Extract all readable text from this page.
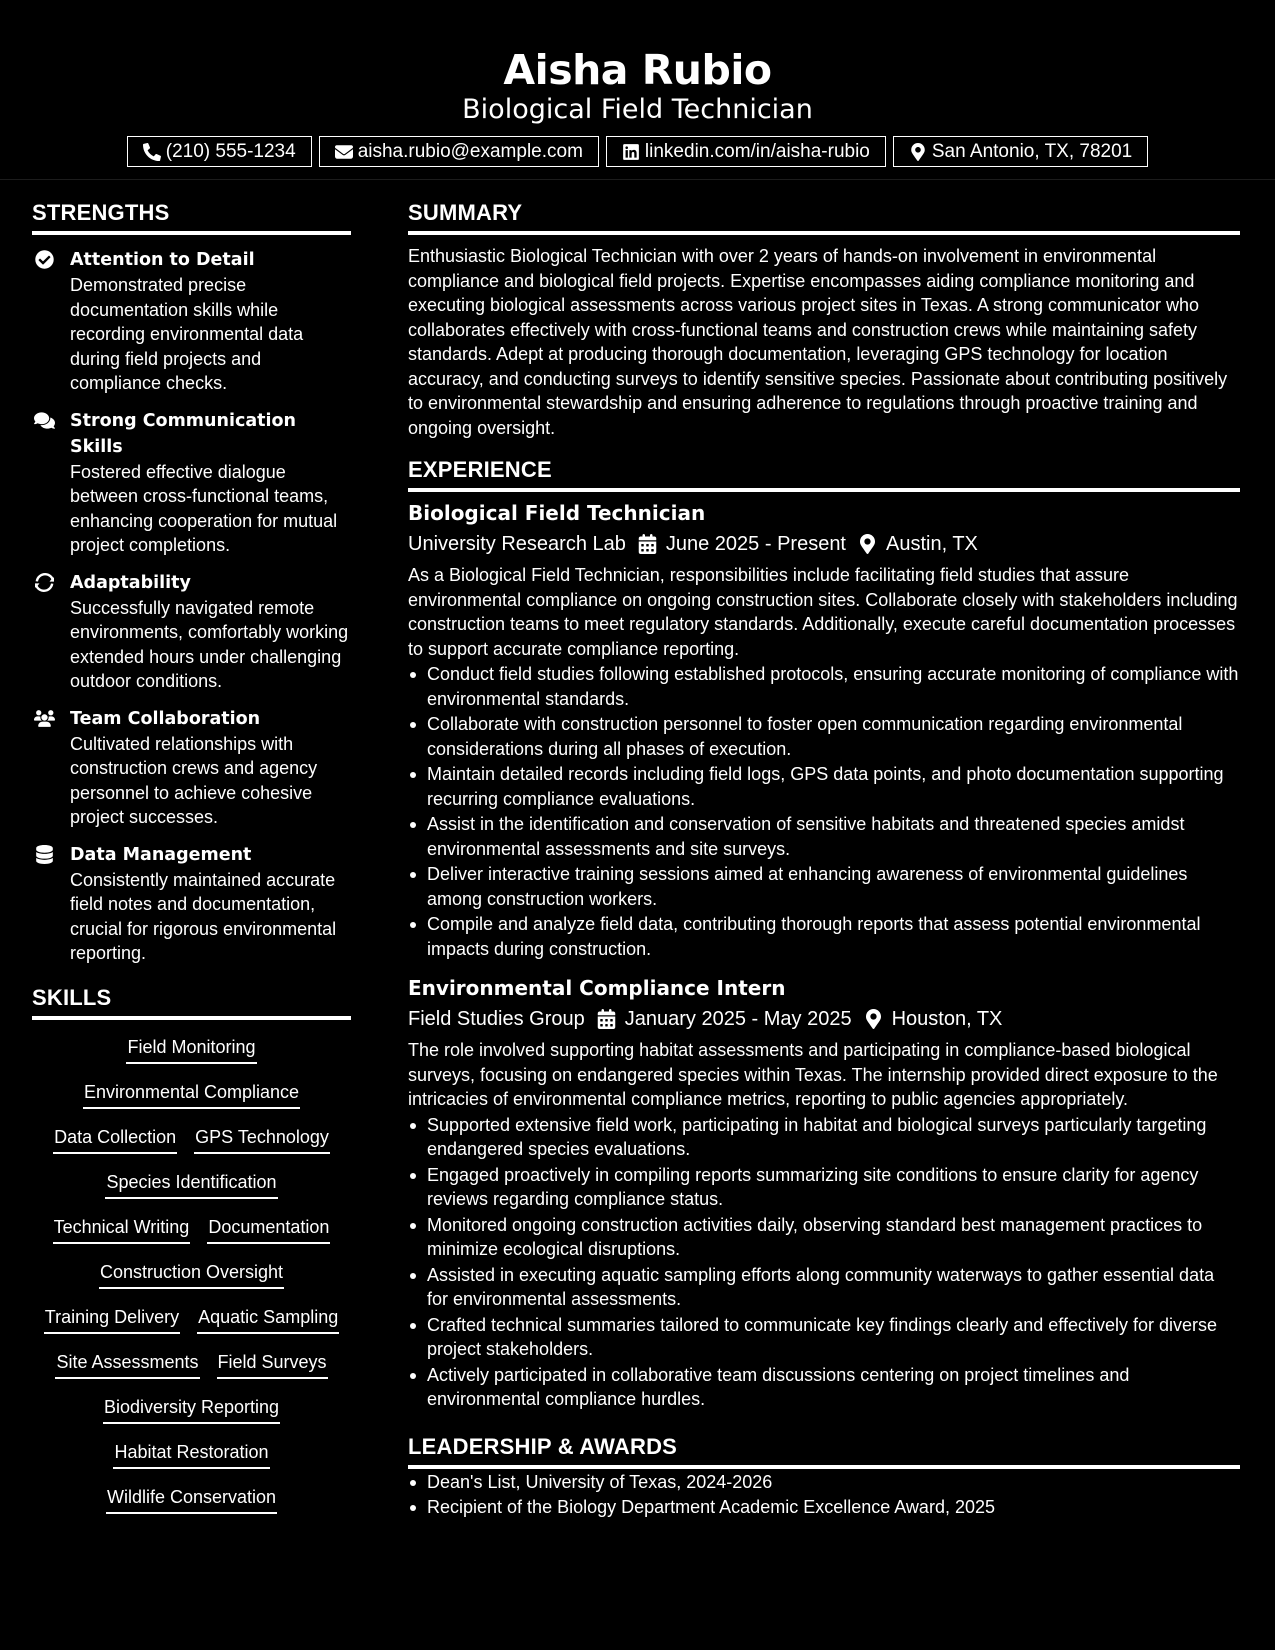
Aisha Rubio
Biological Field Technician
(210) 555-1234	aisha.rubio@example.com	linkedin.com/in/aisha-rubio	San Antonio, TX, 78201
STRENGTHS
Attention to Detail
Demonstrated precise documentation skills while recording environmental data during field projects and compliance checks.
Strong Communication Skills
Fostered effective dialogue between cross-functional teams, enhancing cooperation for mutual project completions.
Adaptability
Successfully navigated remote environments, comfortably working extended hours under challenging outdoor conditions.
Team Collaboration
Cultivated relationships with construction crews and agency personnel to achieve cohesive project successes.
Data Management
Consistently maintained accurate field notes and documentation, crucial for rigorous environmental reporting.
SKILLS
Field Monitoring
Environmental Compliance
Data Collection GPS Technology
Species Identification
Technical Writing Documentation
Construction Oversight
Training Delivery Aquatic Sampling
Site Assessments Field Surveys
Biodiversity Reporting
Habitat Restoration
Wildlife Conservation
SUMMARY

Enthusiastic Biological Technician with over 2 years of hands-on involvement in environmental compliance and biological field projects. Expertise encompasses aiding compliance monitoring and executing biological assessments across various project sites in Texas. A strong communicator who collaborates effectively with cross-functional teams and construction crews while maintaining safety standards. Adept at producing thorough documentation, leveraging GPS technology for location accuracy, and conducting surveys to identify sensitive species. Passionate about contributing positively to environmental stewardship and ensuring adherence to regulations through proactive training and ongoing oversight.

EXPERIENCE
Biological Field Technician
University Research Lab June 2025 - Present Austin, TX

As a Biological Field Technician, responsibilities include facilitating field studies that assure environmental compliance on ongoing construction sites. Collaborate closely with stakeholders including construction teams to meet regulatory standards. Additionally, execute careful documentation processes to support accurate compliance reporting.

Conduct field studies following established protocols, ensuring accurate monitoring of compliance with environmental standards.
Collaborate with construction personnel to foster open communication regarding environmental considerations during all phases of execution.
Maintain detailed records including field logs, GPS data points, and photo documentation supporting recurring compliance evaluations.
Assist in the identification and conservation of sensitive habitats and threatened species amidst environmental assessments and site surveys.
Deliver interactive training sessions aimed at enhancing awareness of environmental guidelines among construction workers.
Compile and analyze field data, contributing thorough reports that assess potential environmental impacts during construction.
Environmental Compliance Intern
Field Studies Group January 2025 - May 2025 Houston, TX

The role involved supporting habitat assessments and participating in compliance-based biological surveys, focusing on endangered species within Texas. The internship provided direct exposure to the intricacies of environmental compliance metrics, reporting to public agencies appropriately.

Supported extensive field work, participating in habitat and biological surveys particularly targeting endangered species evaluations.
Engaged proactively in compiling reports summarizing site conditions to ensure clarity for agency reviews regarding compliance status.
Monitored ongoing construction activities daily, observing standard best management practices to minimize ecological disruptions.
Assisted in executing aquatic sampling efforts along community waterways to gather essential data for environmental assessments.
Crafted technical summaries tailored to communicate key findings clearly and effectively for diverse project stakeholders.
Actively participated in collaborative team discussions centering on project timelines and environmental compliance hurdles.
LEADERSHIP & AWARDS
Dean's List, University of Texas, 2024-2026
Recipient of the Biology Department Academic Excellence Award, 2025
